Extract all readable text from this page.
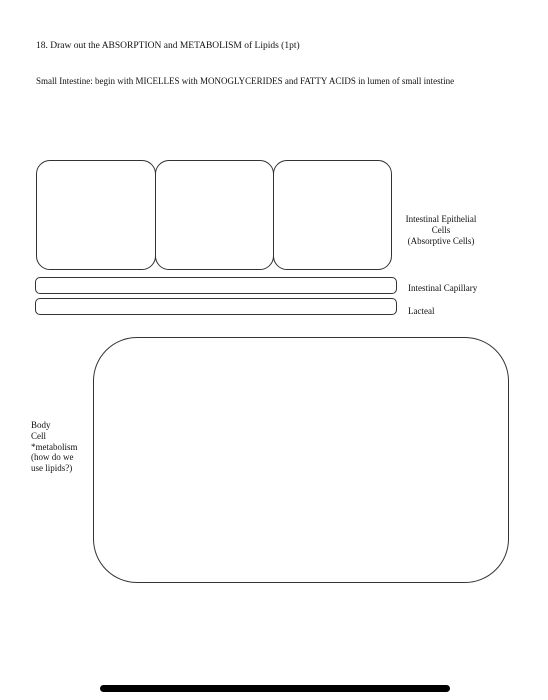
18. Draw out the ABSORPTION and METABOLISM of Lipids (1pt)
Small Intestine: begin with MICELLES with MONOGLYCERIDES and FATTY ACIDS in lumen of small intestine
Intestinal Epithelial
Cells
(Absorptive Cells)
Intestinal Capillary
Lacteal
Body
Cell
*metabolism
(how do we
use lipids?)
